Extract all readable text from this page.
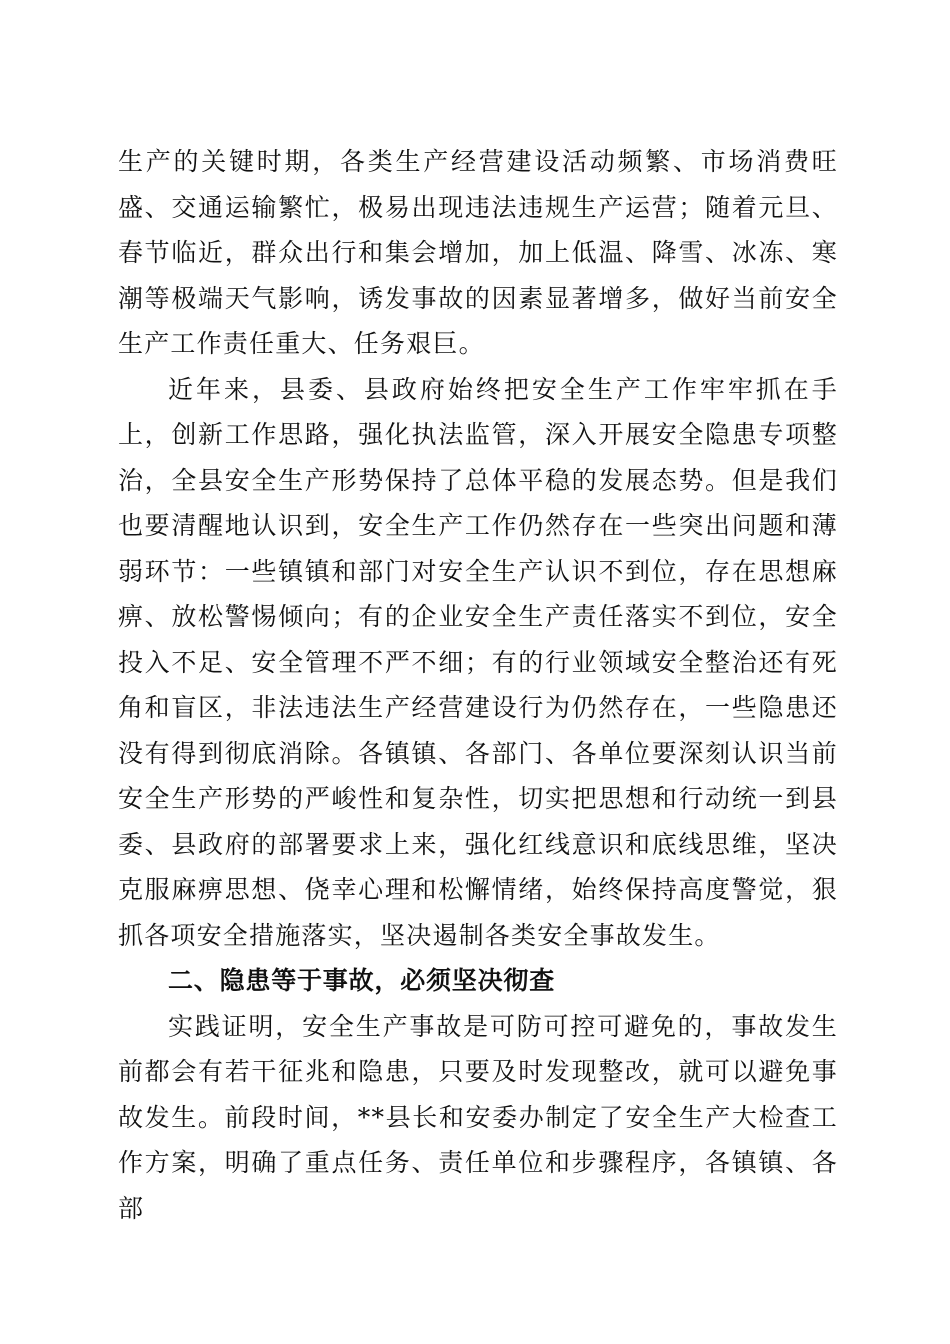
生产的关键时期，各类生产经营建设活动频繁、市场消费旺盛、交通运输繁忙，极易出现违法违规生产运营；随着元旦、春节临近，群众出行和集会增加，加上低温、降雪、冰冻、寒潮等极端天气影响，诱发事故的因素显著增多，做好当前安全生产工作责任重大、任务艰巨。

近年来，县委、县政府始终把安全生产工作牢牢抓在手上，创新工作思路，强化执法监管，深入开展安全隐患专项整治，全县安全生产形势保持了总体平稳的发展态势。但是我们也要清醒地认识到，安全生产工作仍然存在一些突出问题和薄弱环节：一些镇镇和部门对安全生产认识不到位，存在思想麻痹、放松警惕倾向；有的企业安全生产责任落实不到位，安全投入不足、安全管理不严不细；有的行业领域安全整治还有死角和盲区，非法违法生产经营建设行为仍然存在，一些隐患还没有得到彻底消除。各镇镇、各部门、各单位要深刻认识当前安全生产形势的严峻性和复杂性，切实把思想和行动统一到县委、县政府的部署要求上来，强化红线意识和底线思维，坚决克服麻痹思想、侥幸心理和松懈情绪，始终保持高度警觉，狠抓各项安全措施落实，坚决遏制各类安全事故发生。

二、隐患等于事故，必须坚决彻查

实践证明，安全生产事故是可防可控可避免的，事故发生前都会有若干征兆和隐患，只要及时发现整改，就可以避免事故发生。前段时间，**县长和安委办制定了安全生产大检查工作方案，明确了重点任务、责任单位和步骤程序，各镇镇、各部
